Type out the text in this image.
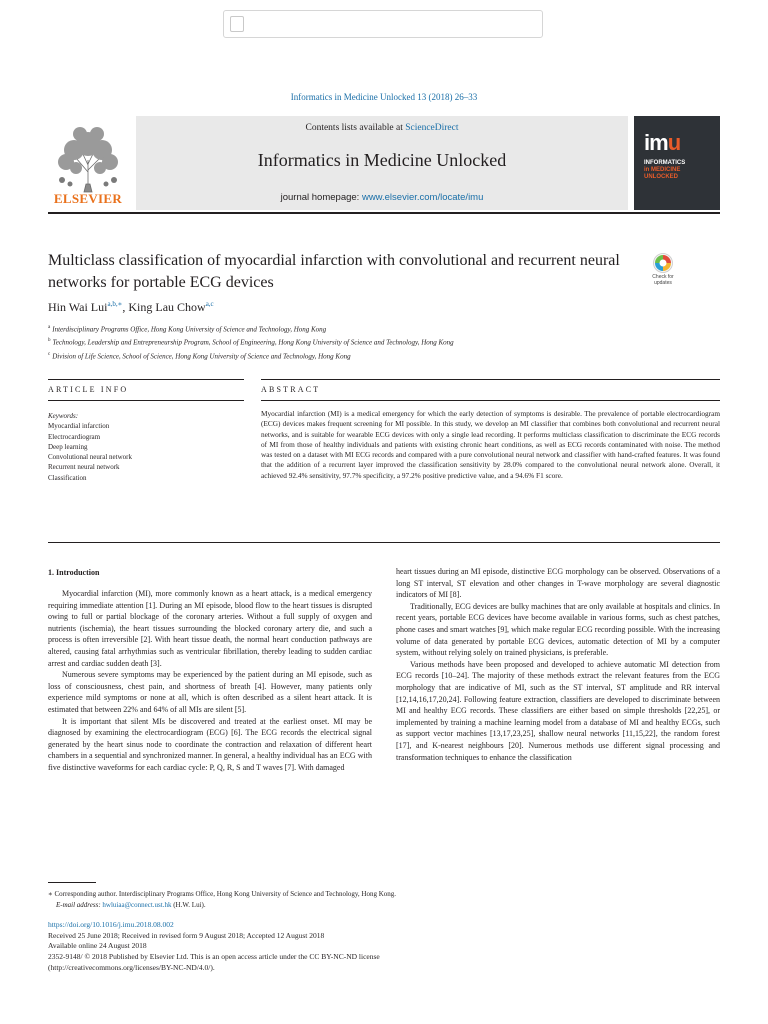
Informatics in Medicine Unlocked 13 (2018) 26–33
ELSEVIER
Contents lists available at ScienceDirect
Informatics in Medicine Unlocked
journal homepage: www.elsevier.com/locate/imu
imu
INFORMATICS
in MEDICINE
UNLOCKED
Multiclass classification of myocardial infarction with convolutional and recurrent neural networks for portable ECG devices	Check for
updates
Hin Wai Lui$^{a,b,∗}$, King Lau Chow$^{a,c}$
$^a$ Interdisciplinary Programs Office, Hong Kong University of Science and Technology, Hong Kong
$^b$ Technology, Leadership and Entrepreneurship Program, School of Engineering, Hong Kong University of Science and Technology, Hong Kong
$^c$ Division of Life Science, School of Science, Hong Kong University of Science and Technology, Hong Kong
ARTICLE INFO	ABSTRACT
Keywords:
Myocardial infarction
Electrocardiogram
Deep learning
Convolutional neural network
Recurrent neural network
Classification
Myocardial infarction (MI) is a medical emergency for which the early detection of symptoms is desirable. The prevalence of portable electrocardiogram (ECG) devices makes frequent screening for MI possible. In this study, we develop an MI classifier that combines both convolutional and recurrent neural networks, and is suitable for wearable ECG devices with only a single lead recording. It performs multiclass classification to discriminate the ECG records of MI from those of healthy individuals and patients with existing chronic heart conditions, as well as ECG records contaminated with noise. The method was tested on a dataset with MI ECG records and compared with a pure convolutional neural network and classifier with hand-crafted features. It was found that the addition of a recurrent layer improved the classification sensitivity by 28.0% compared to the convolutional neural network alone. Overall, it achieved 92.4% sensitivity, 97.7% specificity, a 97.2% positive predictive value, and a 94.6% F1 score.
1. Introduction

Myocardial infarction (MI), more commonly known as a heart attack, is a medical emergency requiring immediate attention [1]. During an MI episode, blood flow to the heart tissues is disrupted owing to full or partial blockage of the coronary arteries. Without a full supply of oxygen and nutrients (ischemia), the heart tissues surrounding the blocked coronary artery die, and such a process is often irreversible [2]. With heart tissue death, the normal heart conduction pathways are altered, causing fatal arrhythmias such as ventricular fibrillation, thereby leading to sudden cardiac arrest and cardiac sudden death [3].

Numerous severe symptoms may be experienced by the patient during an MI episode, such as loss of consciousness, chest pain, and shortness of breath [4]. However, many patients only experience mild symptoms or none at all, which is often described as a silent heart attack. It is estimated that between 22% and 64% of all MIs are silent [5].

It is important that silent MIs be discovered and treated at the earliest onset. MI may be diagnosed by examining the electrocardiogram (ECG) [6]. The ECG records the electrical signal generated by the heart sinus node to coordinate the contraction and relaxation of different heart chambers in a sequential and synchronized manner. In general, a healthy individual has an ECG with five distinctive waveforms for each cardiac cycle: P, Q, R, S and T waves [7]. With damaged

heart tissues during an MI episode, distinctive ECG morphology can be observed. Observations of a long ST interval, ST elevation and other changes in T-wave morphology are several diagnostic indicators of MI [8].

Traditionally, ECG devices are bulky machines that are only available at hospitals and clinics. In recent years, portable ECG devices have become available in various forms, such as chest patches, phone cases and smart watches [9], which make regular ECG recording possible. With the increasing volume of data generated by portable ECG devices, automatic detection of MI by a computer system, without relying solely on trained physicians, is preferable.

Various methods have been proposed and developed to achieve automatic MI detection from ECG records [10–24]. The majority of these methods extract the relevant features from the ECG morphology that are indicative of MI, such as the ST interval, ST amplitude and RR interval [12,14,16,17,20,24]. Following feature extraction, classifiers are developed to discriminate between MI and healthy ECG records. These classifiers are either based on simple thresholds [22,25], or implemented by training a machine learning model from a database of MI and healthy ECGs, such as support vector machines [13,17,23,25], shallow neural networks [11,15,22], the random forest [17], and K-nearest neighbours [20]. Numerous methods use different signal processing and transformation techniques to enhance the classification

∗ Corresponding author. Interdisciplinary Programs Office, Hong Kong University of Science and Technology, Hong Kong.
E-mail address: hwluiaa@connect.ust.hk (H.W. Lui).
https://doi.org/10.1016/j.imu.2018.08.002
Received 25 June 2018; Received in revised form 9 August 2018; Accepted 12 August 2018
Available online 24 August 2018
2352-9148/ © 2018 Published by Elsevier Ltd. This is an open access article under the CC BY-NC-ND license
(http://creativecommons.org/licenses/BY-NC-ND/4.0/).
